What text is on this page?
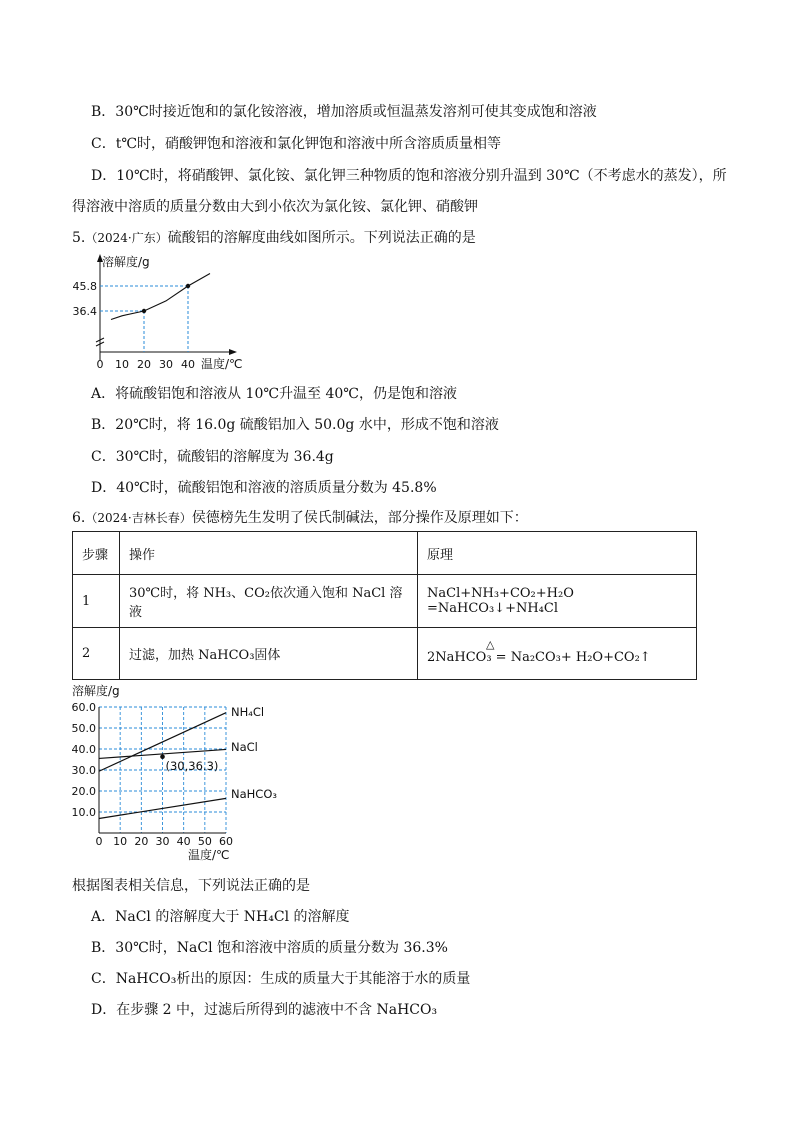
B．30℃时接近饱和的氯化铵溶液，增加溶质或恒温蒸发溶剂可使其变成饱和溶液
C．t℃时，硝酸钾饱和溶液和氯化钾饱和溶液中所含溶质质量相等
D．10℃时，将硝酸钾、氯化铵、氯化钾三种物质的饱和溶液分别升温到 30℃（不考虑水的蒸发），所
得溶液中溶质的质量分数由大到小依次为氯化铵、氯化钾、硝酸钾
5.（2024·广东）硫酸铝的溶解度曲线如图所示。下列说法正确的是
0 10 20 30 40
36.4
45.8
溶解度/g
温度/℃
A．将硫酸铝饱和溶液从 10℃升温至 40℃，仍是饱和溶液
B．20℃时，将 16.0g 硫酸铝加入 50.0g 水中，形成不饱和溶液
C．30℃时，硫酸铝的溶解度为 36.4g
D．40℃时，硫酸铝饱和溶液的溶质质量分数为 45.8%
6.（2024·吉林长春）侯德榜先生发明了侯氏制碱法，部分操作及原理如下：
步骤	操作	原理
1	30℃时，将 NH₃、CO₂依次通入饱和 NaCl 溶液	NaCl+NH₃+CO₂+H₂O =NaHCO₃↓+NH₄Cl
2	过滤，加热 NaHCO₃固体	△
2NaHCO₃ = Na₂CO₃+ H₂O+CO₂↑
溶解度/g
0 10 20 30 40 50 60
10.0
20.0
30.0
40.0
50.0
60.0	NH₄Cl
NaCl
NaHCO₃
(30,36.3)
温度/℃
根据图表相关信息，下列说法正确的是
A．NaCl 的溶解度大于 NH₄Cl 的溶解度
B．30℃时，NaCl 饱和溶液中溶质的质量分数为 36.3%
C．NaHCO₃析出的原因：生成的质量大于其能溶于水的质量
D．在步骤 2 中，过滤后所得到的滤液中不含 NaHCO₃
